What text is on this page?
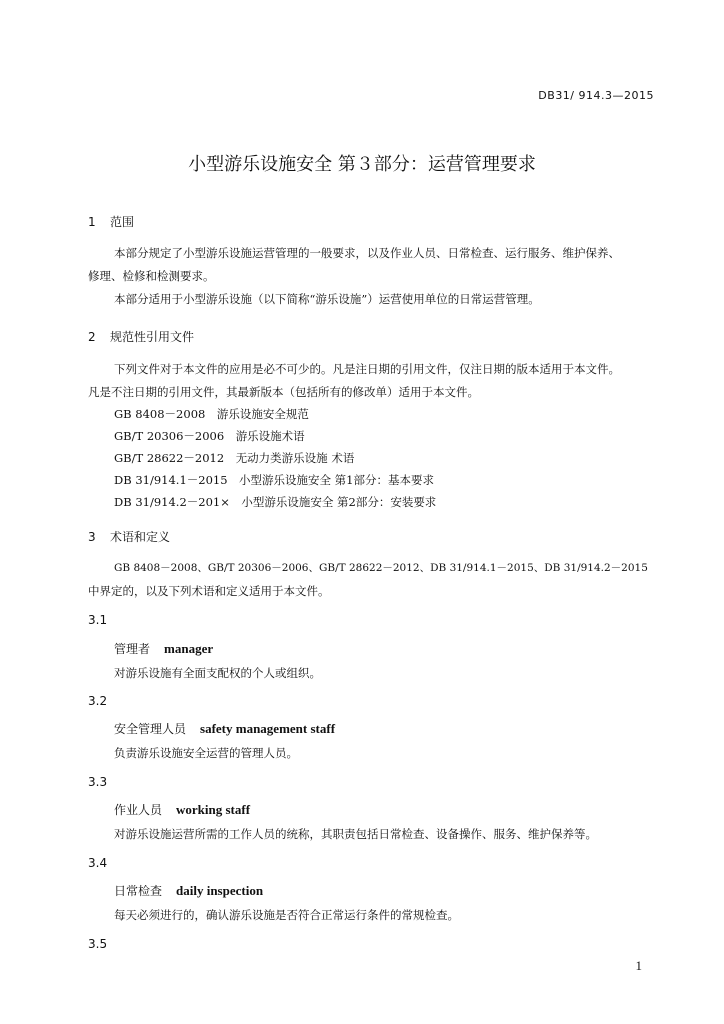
DB31/ 914.3—2015
小型游乐设施安全 第３部分：运营管理要求
1 范围
本部分规定了小型游乐设施运营管理的一般要求，以及作业人员、日常检查、运行服务、维护保养、
修理、检修和检测要求。
本部分适用于小型游乐设施（以下简称“游乐设施”）运营使用单位的日常运营管理。
2 规范性引用文件
下列文件对于本文件的应用是必不可少的。凡是注日期的引用文件，仅注日期的版本适用于本文件。
凡是不注日期的引用文件，其最新版本（包括所有的修改单）适用于本文件。
GB 8408－2008　游乐设施安全规范
GB/T 20306－2006　游乐设施术语
GB/T 28622－2012　无动力类游乐设施 术语
DB 31/914.1－2015　小型游乐设施安全 第1部分：基本要求
DB 31/914.2－201×　小型游乐设施安全 第2部分：安装要求
3 术语和定义
GB 8408－2008、GB/T 20306－2006、GB/T 28622－2012、DB 31/914.1－2015、DB 31/914.2－2015
中界定的，以及下列术语和定义适用于本文件。
3.1
管理者 manager
对游乐设施有全面支配权的个人或组织。
3.2
安全管理人员 safety management staff
负责游乐设施安全运营的管理人员。
3.3
作业人员 working staff
对游乐设施运营所需的工作人员的统称，其职责包括日常检查、设备操作、服务、维护保养等。
3.4
日常检查 daily inspection
每天必须进行的，确认游乐设施是否符合正常运行条件的常规检查。
3.5
1
